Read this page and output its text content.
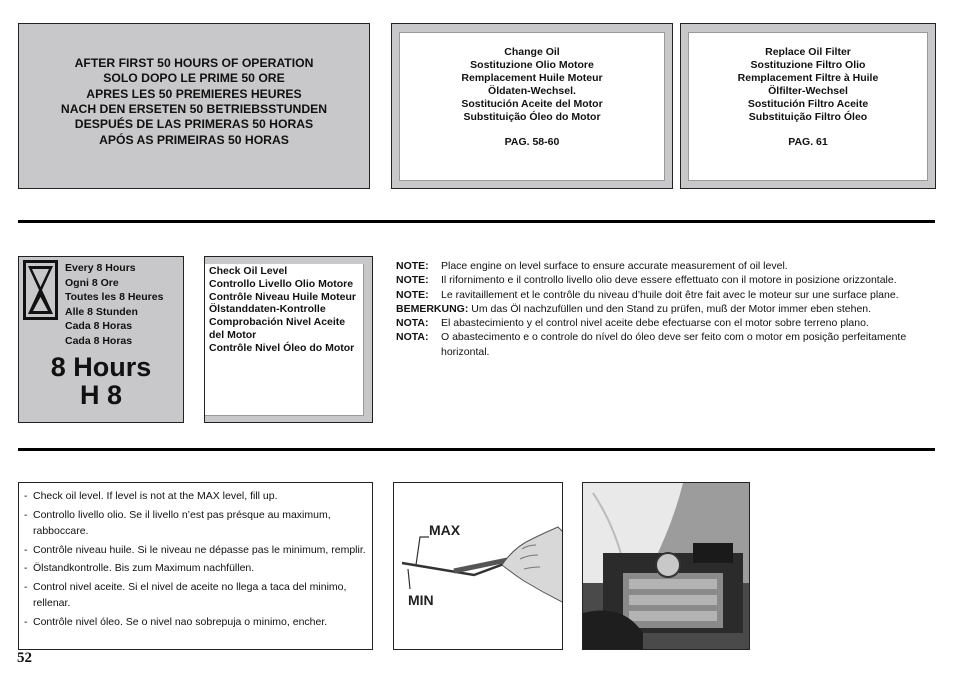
AFTER FIRST 50 HOURS OF OPERATION
SOLO DOPO LE PRIME 50 ORE
APRES LES 50 PREMIERES HEURES
NACH DEN ERSETEN 50 BETRIEBSSTUNDEN
DESPUÉS DE LAS PRIMERAS 50 HORAS
APÓS AS PRIMEIRAS 50 HORAS
Change Oil
Sostituzione Olio Motore
Remplacement Huile Moteur
Öldaten-Wechsel.
Sostitución Aceite del Motor
Substituição Óleo do Motor
PAG. 58-60
Replace Oil Filter
Sostituzione Filtro Olio
Remplacement Filtre à Huile
Ölfilter-Wechsel
Sostitución Filtro Aceite
Substituição Filtro Óleo
PAG. 61
Every 8 Hours
Ogni 8 Ore
Toutes les 8 Heures
Alle 8 Stunden
Cada 8 Horas
Cada 8 Horas
8 Hours
H 8
Check Oil Level
Controllo Livello Olio Motore
Contrôle Niveau Huile Moteur
Ölstanddaten-Kontrolle
Comprobación Nivel Aceite del Motor
Contrôle Nivel Óleo do Motor
NOTE:	Place engine on level surface to ensure accurate measurement of oil level.
NOTE:	Il rifornimento e il controllo livello olio deve essere effettuato con il motore in posizione orizzontale.
NOTE:	Le ravitaillement et le contrôle du niveau d’huile doit être fait avec le moteur sur une surface plane.
BEMERKUNG: Um das Öl nachzufüllen und den Stand zu prüfen, muß der Motor immer eben stehen.
NOTA:	El abastecimiento y el control nivel aceite debe efectuarse con el motor sobre terreno plano.
NOTA:	O abastecimento e o controle do nível do óleo deve ser feito com o motor em posição perfeitamente horizontal.
- Check oil level. If level is not at the MAX level, fill up.
- Controllo livello olio. Se il livello n’est pas présque au maximum, rabboccare.
- Contrôle niveau huile. Si le niveau ne dépasse pas le minimum, remplir.
- Ölstandkontrolle. Bis zum Maximum nachfüllen.
- Control nivel aceite. Si el nivel de aceite no llega a taca del minimo, rellenar.
- Contrôle nivel óleo. Se o nivel nao sobrepuja o minimo, encher.
MAX
MIN
52
